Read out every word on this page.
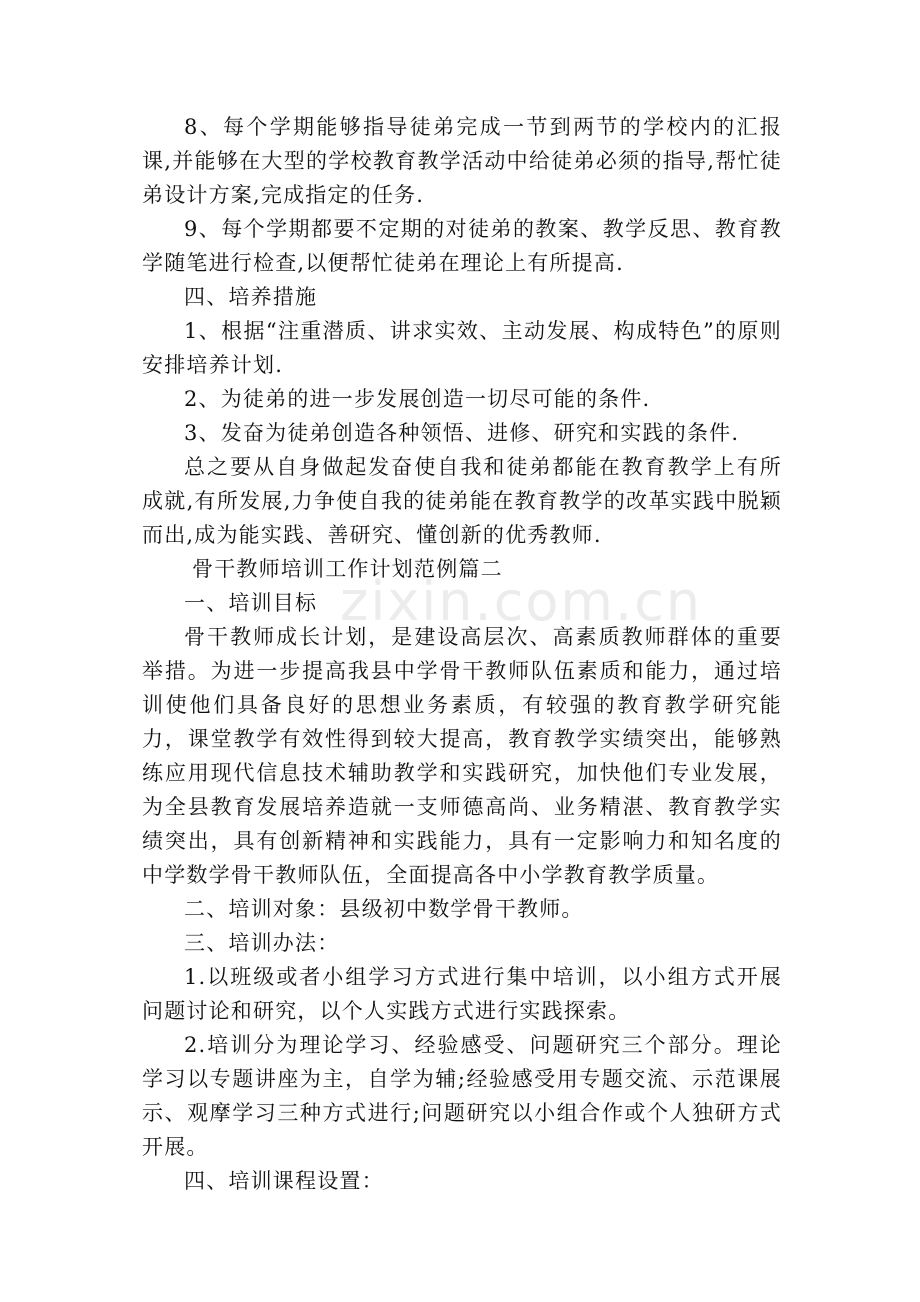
zixin.com.cn

8、每个学期能够指导徒弟完成一节到两节的学校内的汇报课,并能够在大型的学校教育教学活动中给徒弟必须的指导,帮忙徒弟设计方案,完成指定的任务.

9、每个学期都要不定期的对徒弟的教案、教学反思、教育教学随笔进行检查,以便帮忙徒弟在理论上有所提高.

四、培养措施

1、根据“注重潜质、讲求实效、主动发展、构成特色”的原则安排培养计划.

2、为徒弟的进一步发展创造一切尽可能的条件.

3、发奋为徒弟创造各种领悟、进修、研究和实践的条件.

总之要从自身做起发奋使自我和徒弟都能在教育教学上有所成就,有所发展,力争使自我的徒弟能在教育教学的改革实践中脱颖而出,成为能实践、善研究、懂创新的优秀教师.

骨干教师培训工作计划范例篇二

一、培训目标

骨干教师成长计划，是建设高层次、高素质教师群体的重要举措。为进一步提高我县中学骨干教师队伍素质和能力，通过培训使他们具备良好的思想业务素质，有较强的教育教学研究能力，课堂教学有效性得到较大提高，教育教学实绩突出，能够熟练应用现代信息技术辅助教学和实践研究，加快他们专业发展，为全县教育发展培养造就一支师德高尚、业务精湛、教育教学实绩突出，具有创新精神和实践能力，具有一定影响力和知名度的中学数学骨干教师队伍，全面提高各中小学教育教学质量。

二、培训对象：县级初中数学骨干教师。

三、培训办法：

1.以班级或者小组学习方式进行集中培训，以小组方式开展问题讨论和研究，以个人实践方式进行实践探索。

2.培训分为理论学习、经验感受、问题研究三个部分。理论学习以专题讲座为主，自学为辅;经验感受用专题交流、示范课展示、观摩学习三种方式进行;问题研究以小组合作或个人独研方式开展。

四、培训课程设置：
